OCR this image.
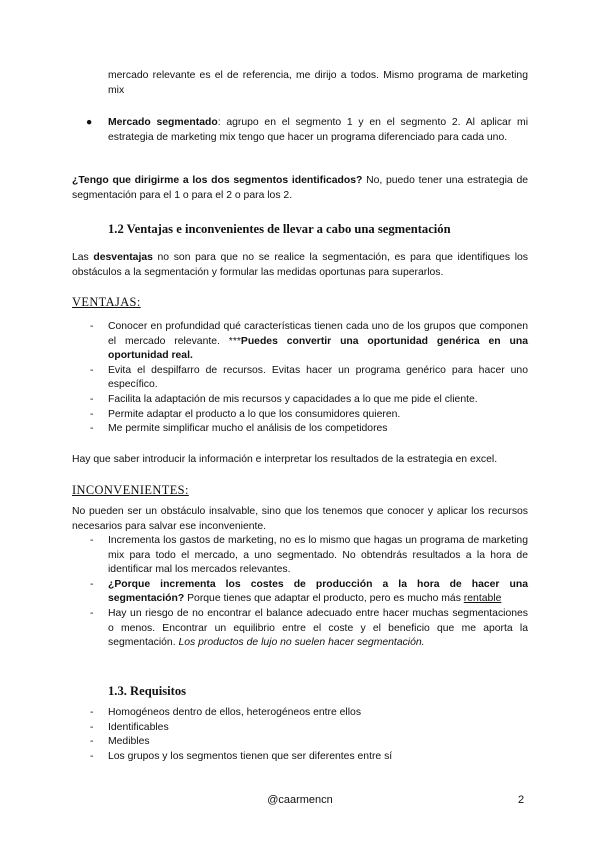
mercado relevante es el de referencia, me dirijo a todos. Mismo programa de marketing mix
● Mercado segmentado: agrupo en el segmento 1 y en el segmento 2. Al aplicar mi estrategia de marketing mix tengo que hacer un programa diferenciado para cada uno.
¿Tengo que dirigirme a los dos segmentos identificados? No, puedo tener una estrategia de segmentación para el 1 o para el 2 o para los 2.
1.2 Ventajas e inconvenientes de llevar a cabo una segmentación
Las desventajas no son para que no se realice la segmentación, es para que identifiques los obstáculos a la segmentación y formular las medidas oportunas para superarlos.
VENTAJAS:
- Conocer en profundidad qué características tienen cada uno de los grupos que componen el mercado relevante. ***Puedes convertir una oportunidad genérica en una oportunidad real.
- Evita el despilfarro de recursos. Evitas hacer un programa genérico para hacer uno específico.
- Facilita la adaptación de mis recursos y capacidades a lo que me pide el cliente.
- Permite adaptar el producto a lo que los consumidores quieren.
- Me permite simplificar mucho el análisis de los competidores
Hay que saber introducir la información e interpretar los resultados de la estrategia en excel.
INCONVENIENTES:
No pueden ser un obstáculo insalvable, sino que los tenemos que conocer y aplicar los recursos necesarios para salvar ese inconveniente.
- Incrementa los gastos de marketing, no es lo mismo que hagas un programa de marketing mix para todo el mercado, a uno segmentado. No obtendrás resultados a la hora de identificar mal los mercados relevantes.
- ¿Porque incrementa los costes de producción a la hora de hacer una segmentación? Porque tienes que adaptar el producto, pero es mucho más rentable
- Hay un riesgo de no encontrar el balance adecuado entre hacer muchas segmentaciones o menos. Encontrar un equilibrio entre el coste y el beneficio que me aporta la segmentación. Los productos de lujo no suelen hacer segmentación.
1.3. Requisitos
- Homogéneos dentro de ellos, heterogéneos entre ellos
- Identificables
- Medibles
- Los grupos y los segmentos tienen que ser diferentes entre sí
@caarmencn	2
